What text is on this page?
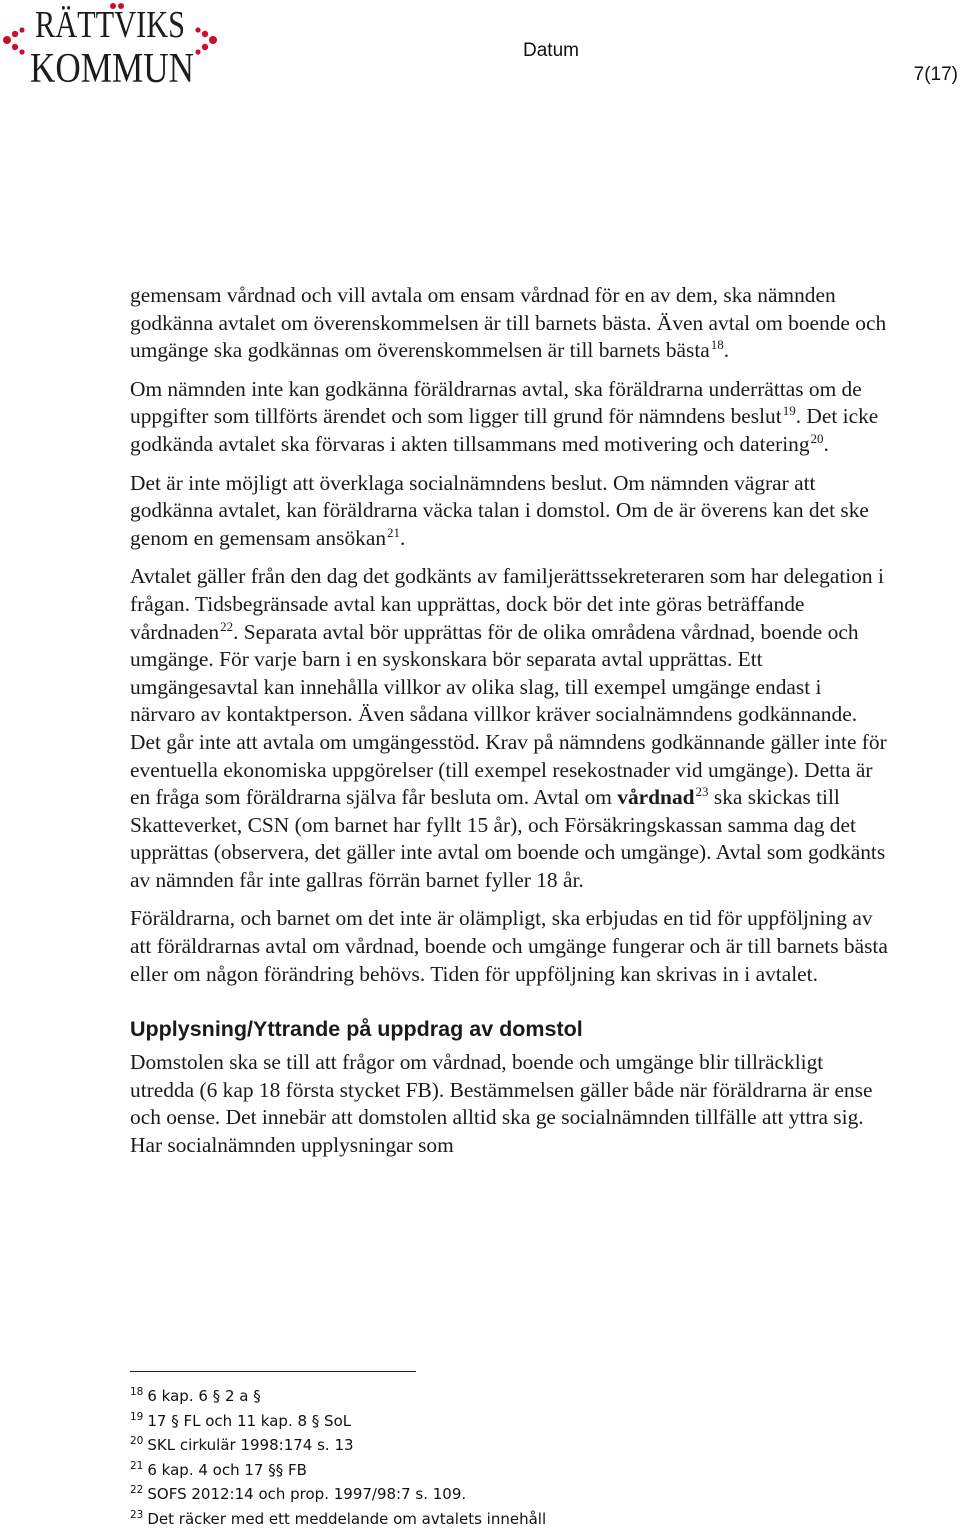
RÄTTVIKS
KOMMUN	Datum
7(17)

gemensam vårdnad och vill avtala om ensam vårdnad för en av dem, ska nämnden godkänna avtalet om överenskommelsen är till barnets bästa. Även avtal om boende och umgänge ska godkännas om överenskommelsen är till barnets bästa$^{18}$.

Om nämnden inte kan godkänna föräldrarnas avtal, ska föräldrarna underrättas om de uppgifter som tillförts ärendet och som ligger till grund för nämndens beslut$^{19}$. Det icke godkända avtalet ska förvaras i akten tillsammans med motivering och datering$^{20}$.

Det är inte möjligt att överklaga socialnämndens beslut. Om nämnden vägrar att godkänna avtalet, kan föräldrarna väcka talan i domstol. Om de är överens kan det ske genom en gemensam ansökan$^{21}$.

Avtalet gäller från den dag det godkänts av familjerättssekreteraren som har delegation i frågan. Tidsbegränsade avtal kan upprättas, dock bör det inte göras beträffande vårdnaden$^{22}$. Separata avtal bör upprättas för de olika områdena vårdnad, boende och umgänge. För varje barn i en syskonskara bör separata avtal upprättas. Ett umgängesavtal kan innehålla villkor av olika slag, till exempel umgänge endast i närvaro av kontaktperson. Även sådana villkor kräver socialnämndens godkännande. Det går inte att avtala om umgängesstöd. Krav på nämndens godkännande gäller inte för eventuella ekonomiska uppgörelser (till exempel resekostnader vid umgänge). Detta är en fråga som föräldrarna själva får besluta om. Avtal om vårdnad$^{23}$ ska skickas till Skatteverket, CSN (om barnet har fyllt 15 år), och Försäkringskassan samma dag det upprättas (observera, det gäller inte avtal om boende och umgänge). Avtal som godkänts av nämnden får inte gallras förrän barnet fyller 18 år.

Föräldrarna, och barnet om det inte är olämpligt, ska erbjudas en tid för uppföljning av att föräldrarnas avtal om vårdnad, boende och umgänge fungerar och är till barnets bästa eller om någon förändring behövs. Tiden för uppföljning kan skrivas in i avtalet.

Upplysning/Yttrande på uppdrag av domstol

Domstolen ska se till att frågor om vårdnad, boende och umgänge blir tillräckligt utredda (6 kap 18 första stycket FB). Bestämmelsen gäller både när föräldrarna är ense och oense. Det innebär att domstolen alltid ska ge socialnämnden tillfälle att yttra sig. Har socialnämnden upplysningar som

$^{18}$ 6 kap. 6 § 2 a §
$^{19}$ 17 § FL och 11 kap. 8 § SoL
$^{20}$ SKL cirkulär 1998:174 s. 13
$^{21}$ 6 kap. 4 och 17 §§ FB
$^{22}$ SOFS 2012:14 och prop. 1997/98:7 s. 109.
$^{23}$ Det räcker med ett meddelande om avtalets innehåll
